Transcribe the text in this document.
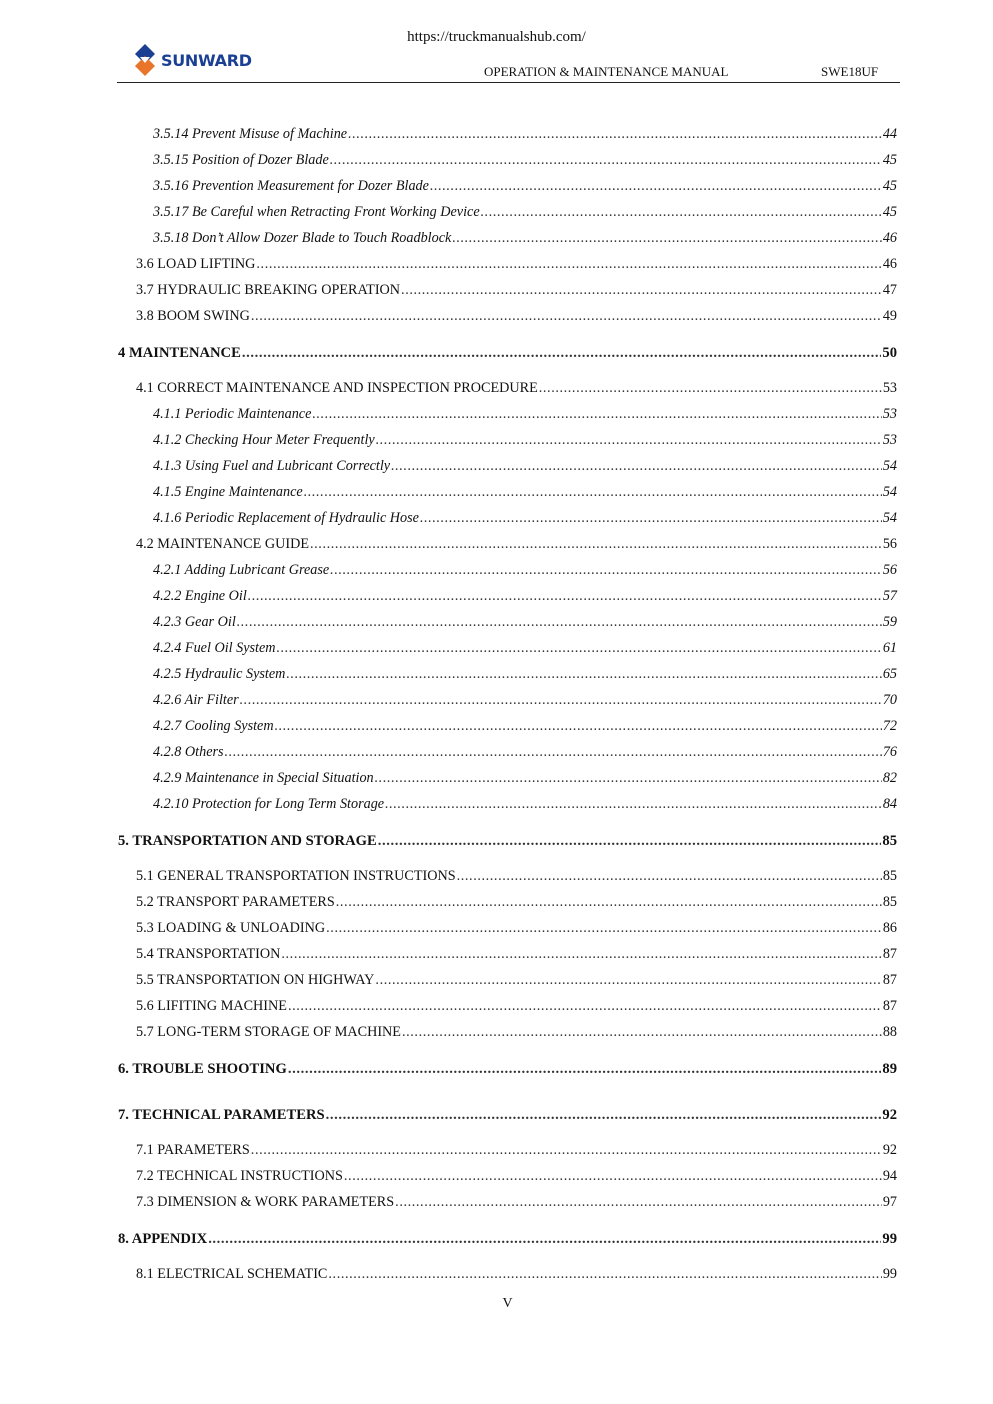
https://truckmanualshub.com/
SUNWARD
OPERATION & MAINTENANCE MANUAL	SWE18UF
3.5.14 Prevent Misuse of Machine .....	44
3.5.15 Position of Dozer Blade .....	45
3.5.16 Prevention Measurement for Dozer Blade .....	45
3.5.17 Be Careful when Retracting Front Working Device .....	45
3.5.18 Don’t Allow Dozer Blade to Touch Roadblock .....	46
3.6 LOAD LIFTING .....	46
3.7 HYDRAULIC BREAKING OPERATION .....	47
3.8 BOOM SWING .....	49
4 MAINTENANCE .....	50
4.1 CORRECT MAINTENANCE AND INSPECTION PROCEDURE .....	53
4.1.1 Periodic Maintenance .....	53
4.1.2 Checking Hour Meter Frequently .....	53
4.1.3 Using Fuel and Lubricant Correctly .....	54
4.1.5 Engine Maintenance .....	54
4.1.6 Periodic Replacement of Hydraulic Hose .....	54
4.2 MAINTENANCE GUIDE .....	56
4.2.1 Adding Lubricant Grease .....	56
4.2.2 Engine Oil .....	57
4.2.3 Gear Oil .....	59
4.2.4 Fuel Oil System .....	61
4.2.5 Hydraulic System .....	65
4.2.6 Air Filter .....	70
4.2.7 Cooling System .....	72
4.2.8 Others .....	76
4.2.9 Maintenance in Special Situation .....	82
4.2.10 Protection for Long Term Storage .....	84
5. TRANSPORTATION AND STORAGE .....	85
5.1 GENERAL TRANSPORTATION INSTRUCTIONS .....	85
5.2 TRANSPORT PARAMETERS .....	85
5.3 LOADING & UNLOADING .....	86
5.4 TRANSPORTATION .....	87
5.5 TRANSPORTATION ON HIGHWAY .....	87
5.6 LIFITING MACHINE .....	87
5.7 LONG-TERM STORAGE OF MACHINE .....	88
6. TROUBLE SHOOTING .....	89
7. TECHNICAL PARAMETERS .....	92
7.1 PARAMETERS .....	92
7.2 TECHNICAL INSTRUCTIONS .....	94
7.3 DIMENSION & WORK PARAMETERS .....	97
8. APPENDIX .....	99
8.1 ELECTRICAL SCHEMATIC .....	99
V
